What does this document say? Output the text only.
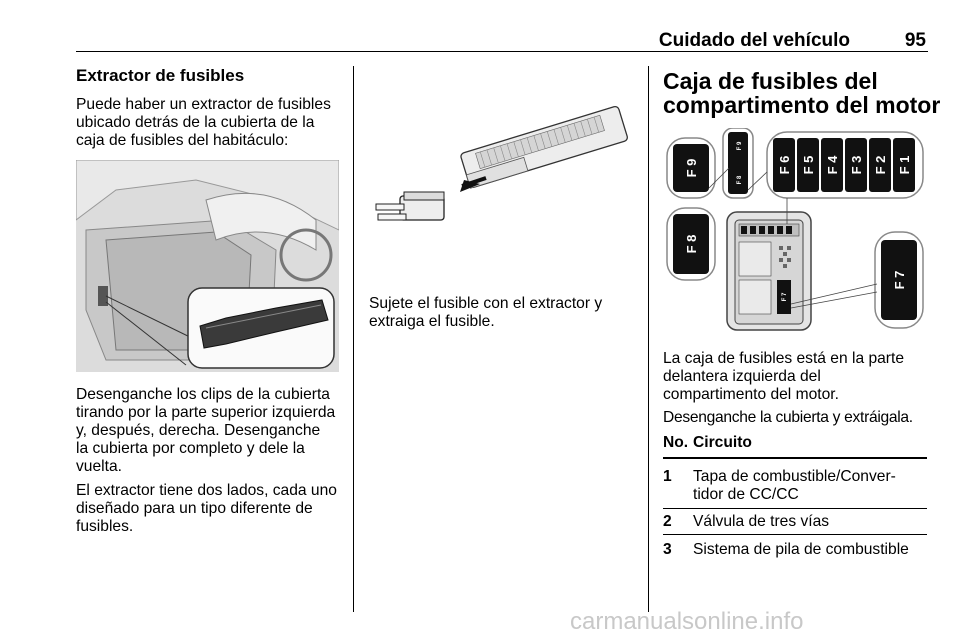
Cuidado del vehículo	95
Extractor de fusibles
Puede haber un extractor de fusibles
ubicado detrás de la cubierta de la
caja de fusibles del habitáculo:
Desenganche los clips de la cubierta
tirando por la parte superior izquierda
y, después, derecha. Desenganche
la cubierta por completo y dele la
vuelta.
El extractor tiene dos lados, cada uno
diseñado para un tipo diferente de
fusibles.
Sujete el fusible con el extractor y
extraiga el fusible.
Caja de fusibles del
compartimento del motor
F 9
F 8
F 9
F 8
F 6 F 5 F 4 F 3 F 2 F 1
F 7
F 7
La caja de fusibles está en la parte
delantera izquierda del
compartimento del motor.
Desenganche la cubierta y extráigala.
No. Circuito
1 Tapa de combustible/Conver-
tidor de CC/CC
2 Válvula de tres vías
3 Sistema de pila de combustible
carmanualsonline.info
